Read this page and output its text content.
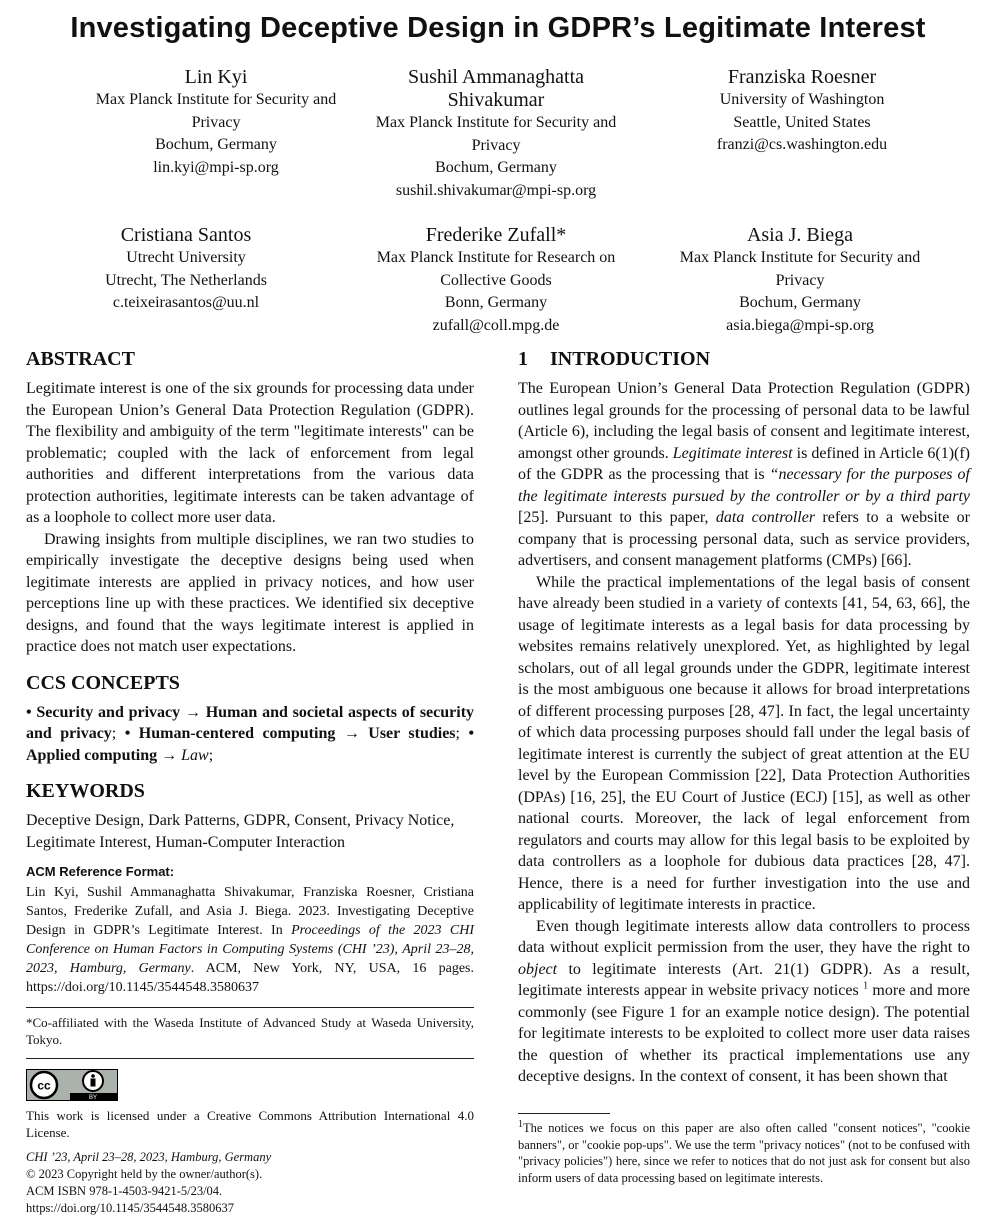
Investigating Deceptive Design in GDPR’s Legitimate Interest
Lin Kyi
Max Planck Institute for Security and
Privacy
Bochum, Germany
lin.kyi@mpi-sp.org
Sushil Ammanaghatta
Shivakumar
Max Planck Institute for Security and
Privacy
Bochum, Germany
sushil.shivakumar@mpi-sp.org
Franziska Roesner
University of Washington
Seattle, United States
franzi@cs.washington.edu
Cristiana Santos
Utrecht University
Utrecht, The Netherlands
c.teixeirasantos@uu.nl
Frederike Zufall*
Max Planck Institute for Research on
Collective Goods
Bonn, Germany
zufall@coll.mpg.de
Asia J. Biega
Max Planck Institute for Security and
Privacy
Bochum, Germany
asia.biega@mpi-sp.org
ABSTRACT

Legitimate interest is one of the six grounds for processing data under the European Union’s General Data Protection Regulation (GDPR). The flexibility and ambiguity of the term "legitimate interests" can be problematic; coupled with the lack of enforcement from legal authorities and different interpretations from the various data protection authorities, legitimate interests can be taken advantage of as a loophole to collect more user data.

Drawing insights from multiple disciplines, we ran two studies to empirically investigate the deceptive designs being used when legitimate interests are applied in privacy notices, and how user perceptions line up with these practices. We identified six deceptive designs, and found that the ways legitimate interest is applied in practice does not match user expectations.

CCS CONCEPTS

• Security and privacy → Human and societal aspects of security and privacy; • Human-centered computing → User studies; • Applied computing → Law;

KEYWORDS

Deceptive Design, Dark Patterns, GDPR, Consent, Privacy Notice, Legitimate Interest, Human-Computer Interaction

ACM Reference Format:
Lin Kyi, Sushil Ammanaghatta Shivakumar, Franziska Roesner, Cristiana Santos, Frederike Zufall, and Asia J. Biega. 2023. Investigating Deceptive Design in GDPR’s Legitimate Interest. In Proceedings of the 2023 CHI Conference on Human Factors in Computing Systems (CHI ’23), April 23–28, 2023, Hamburg, Germany. ACM, New York, NY, USA, 16 pages. https://doi.org/10.1145/3544548.3580637
*Co-affiliated with the Waseda Institute of Advanced Study at Waseda University, Tokyo.
cc
BY
This work is licensed under a Creative Commons Attribution International 4.0 License.
CHI ’23, April 23–28, 2023, Hamburg, Germany
© 2023 Copyright held by the owner/author(s).
ACM ISBN 978-1-4503-9421-5/23/04.
https://doi.org/10.1145/3544548.3580637
1 INTRODUCTION

The European Union’s General Data Protection Regulation (GDPR) outlines legal grounds for the processing of personal data to be lawful (Article 6), including the legal basis of consent and legitimate interest, amongst other grounds. Legitimate interest is defined in Article 6(1)(f) of the GDPR as the processing that is “necessary for the purposes of the legitimate interests pursued by the controller or by a third party [25]. Pursuant to this paper, data controller refers to a website or company that is processing personal data, such as service providers, advertisers, and consent management platforms (CMPs) [66].

While the practical implementations of the legal basis of consent have already been studied in a variety of contexts [41, 54, 63, 66], the usage of legitimate interests as a legal basis for data processing by websites remains relatively unexplored. Yet, as highlighted by legal scholars, out of all legal grounds under the GDPR, legitimate interest is the most ambiguous one because it allows for broad interpretations of different processing purposes [28, 47]. In fact, the legal uncertainty of which data processing purposes should fall under the legal basis of legitimate interest is currently the subject of great attention at the EU level by the European Commission [22], Data Protection Authorities (DPAs) [16, 25], the EU Court of Justice (ECJ) [15], as well as other national courts. Moreover, the lack of legal enforcement from regulators and courts may allow for this legal basis to be exploited by data controllers as a loophole for dubious data practices [28, 47]. Hence, there is a need for further investigation into the use and applicability of legitimate interests in practice.

Even though legitimate interests allow data controllers to process data without explicit permission from the user, they have the right to object to legitimate interests (Art. 21(1) GDPR). As a result, legitimate interests appear in website privacy notices $^1$ more and more commonly (see Figure 1 for an example notice design). The potential for legitimate interests to be exploited to collect more user data raises the question of whether its practical implementations use any deceptive designs. In the context of consent, it has been shown that

$^1$The notices we focus on this paper are also often called "consent notices", "cookie banners", or "cookie pop-ups". We use the term "privacy notices" (not to be confused with "privacy policies") here, since we refer to notices that do not just ask for consent but also inform users of data processing based on legitimate interests.
